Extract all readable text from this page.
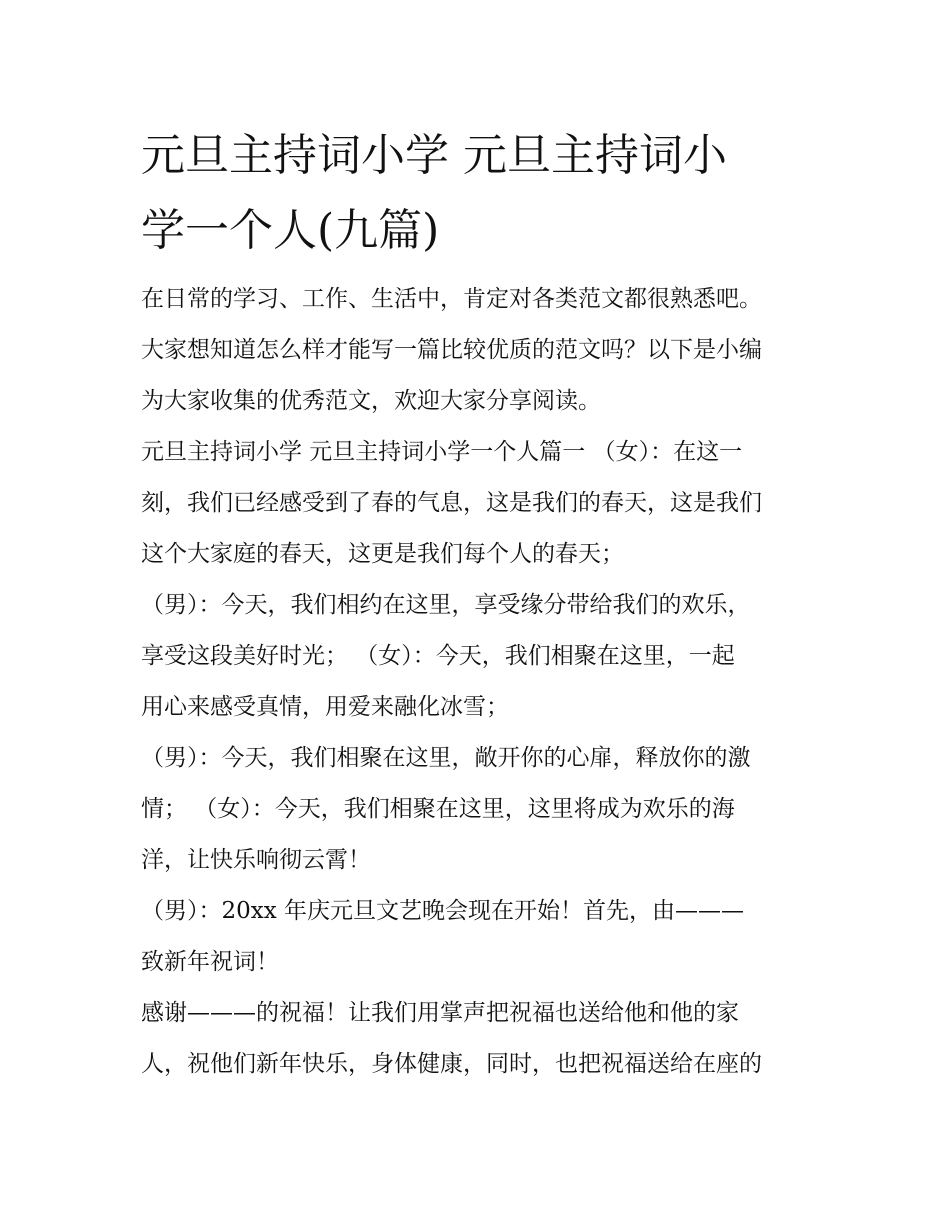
元旦主持词小学 元旦主持词小
学一个人(九篇)

在日常的学习、工作、生活中，肯定对各类范文都很熟悉吧。

大家想知道怎么样才能写一篇比较优质的范文吗？以下是小编

为大家收集的优秀范文，欢迎大家分享阅读。

元旦主持词小学 元旦主持词小学一个人篇一 （女）：在这一

刻，我们已经感受到了春的气息，这是我们的春天，这是我们

这个大家庭的春天，这更是我们每个人的春天；

（男）：今天，我们相约在这里，享受缘分带给我们的欢乐，

享受这段美好时光； （女）：今天，我们相聚在这里，一起

用心来感受真情，用爱来融化冰雪；

（男）：今天，我们相聚在这里，敞开你的心扉，释放你的激

情； （女）：今天，我们相聚在这里，这里将成为欢乐的海

洋，让快乐响彻云霄！

（男）：20xx 年庆元旦文艺晚会现在开始！首先，由———

致新年祝词！

感谢———的祝福！让我们用掌声把祝福也送给他和他的家

人，祝他们新年快乐，身体健康，同时，也把祝福送给在座的
